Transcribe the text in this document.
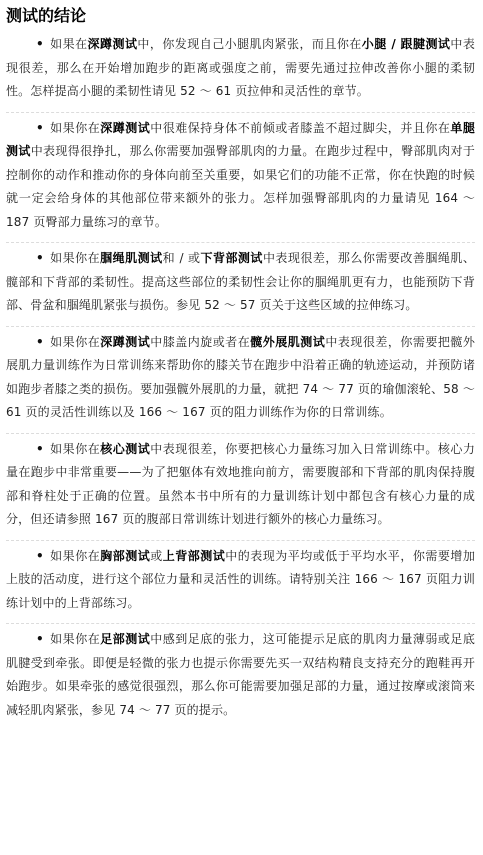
测试的结论
• 如果在深蹲测试中，你发现自己小腿肌肉紧张，而且你在小腿 / 跟腱测试中表现很差，那么在开始增加跑步的距离或强度之前，需要先通过拉伸改善你小腿的柔韧性。怎样提高小腿的柔韧性请见 52 ～ 61 页拉伸和灵活性的章节。
• 如果你在深蹲测试中很难保持身体不前倾或者膝盖不超过脚尖，并且你在单腿测试中表现得很挣扎，那么你需要加强臀部肌肉的力量。在跑步过程中，臀部肌肉对于控制你的动作和推动你的身体向前至关重要，如果它们的功能不正常，你在快跑的时候就一定会给身体的其他部位带来额外的张力。怎样加强臀部肌肉的力量请见 164 ～ 187 页臀部力量练习的章节。
• 如果你在腘绳肌测试和 / 或下背部测试中表现很差，那么你需要改善腘绳肌、髋部和下背部的柔韧性。提高这些部位的柔韧性会让你的腘绳肌更有力，也能预防下背部、骨盆和腘绳肌紧张与损伤。参见 52 ～ 57 页关于这些区域的拉伸练习。
• 如果你在深蹲测试中膝盖内旋或者在髋外展肌测试中表现很差，你需要把髋外展肌力量训练作为日常训练来帮助你的膝关节在跑步中沿着正确的轨迹运动，并预防诸如跑步者膝之类的损伤。要加强髋外展肌的力量，就把 74 ～ 77 页的瑜伽滚轮、58 ～ 61 页的灵活性训练以及 166 ～ 167 页的阻力训练作为你的日常训练。
• 如果你在核心测试中表现很差，你要把核心力量练习加入日常训练中。核心力量在跑步中非常重要——为了把躯体有效地推向前方，需要腹部和下背部的肌肉保持腹部和脊柱处于正确的位置。虽然本书中所有的力量训练计划中都包含有核心力量的成分，但还请参照 167 页的腹部日常训练计划进行额外的核心力量练习。
• 如果你在胸部测试或上背部测试中的表现为平均或低于平均水平，你需要增加上肢的活动度，进行这个部位力量和灵活性的训练。请特别关注 166 ～ 167 页阻力训练计划中的上背部练习。
• 如果你在足部测试中感到足底的张力，这可能提示足底的肌肉力量薄弱或足底肌腱受到牵张。即便是轻微的张力也提示你需要先买一双结构精良支持充分的跑鞋再开始跑步。如果牵张的感觉很强烈，那么你可能需要加强足部的力量，通过按摩或滚筒来减轻肌肉紧张，参见 74 ～ 77 页的提示。
